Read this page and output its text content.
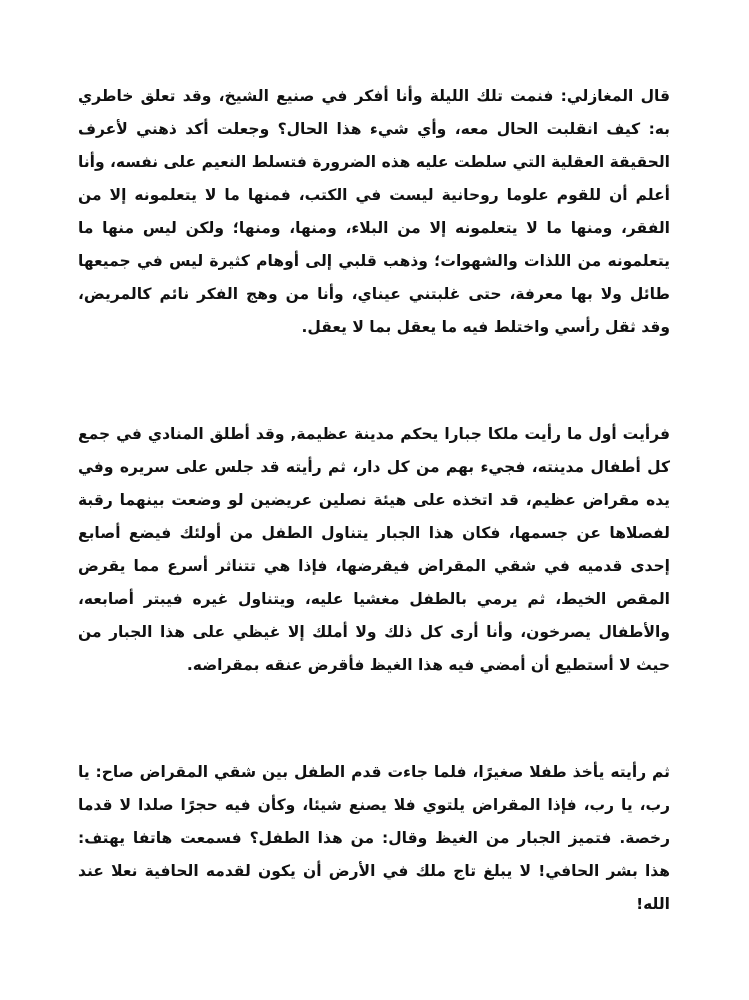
قال المغازلي: فنمت تلك الليلة وأنا أفكر في صنيع الشيخ، وقد تعلق خاطري به: كيف انقلبت الحال معه، وأي شيء هذا الحال؟ وجعلت أكد ذهني لأعرف الحقيقة العقلية التي سلطت عليه هذه الضرورة فتسلط النعيم على نفسه، وأنا أعلم أن للقوم علوما روحانية ليست في الكتب، فمنها ما لا يتعلمونه إلا من الفقر، ومنها ما لا يتعلمونه إلا من البلاء، ومنها، ومنها؛ ولكن ليس منها ما يتعلمونه من اللذات والشهوات؛ وذهب قلبي إلى أوهام كثيرة ليس في جميعها طائل ولا بها معرفة، حتى غلبتني عيناي، وأنا من وهج الفكر نائم كالمريض، وقد ثقل رأسي واختلط فيه ما يعقل بما لا يعقل.

فرأيت أول ما رأيت ملكا جبارا يحكم مدينة عظيمة, وقد أطلق المنادي في جمع كل أطفال مدينته، فجيء بهم من كل دار، ثم رأيته قد جلس على سريره وفي يده مقراض عظيم، قد اتخذه على هيئة نصلين عريضين لو وضعت بينهما رقبة لفصلاها عن جسمها، فكان هذا الجبار يتناول الطفل من أولئك فيضع أصابع إحدى قدميه في شقي المقراض فيقرضها، فإذا هي تتناثر أسرع مما يقرض المقص الخيط، ثم يرمي بالطفل مغشيا عليه، ويتناول غيره فيبتر أصابعه، والأطفال يصرخون، وأنا أرى كل ذلك ولا أملك إلا غيظي على هذا الجبار من حيث لا أستطيع أن أمضي فيه هذا الغيظ فأقرض عنقه بمقراضه.

ثم رأيته يأخذ طفلا صغيرًا، فلما جاءت قدم الطفل بين شقي المقراض صاح: يا رب، يا رب، فإذا المقراض يلتوي فلا يصنع شيئا، وكأن فيه حجرًا صلدا لا قدما رخصة. فتميز الجبار من الغيظ وقال: من هذا الطفل؟ فسمعت هاتفا يهتف: هذا بشر الحافي! لا يبلغ تاج ملك في الأرض أن يكون لقدمه الحافية نعلا عند الله!
